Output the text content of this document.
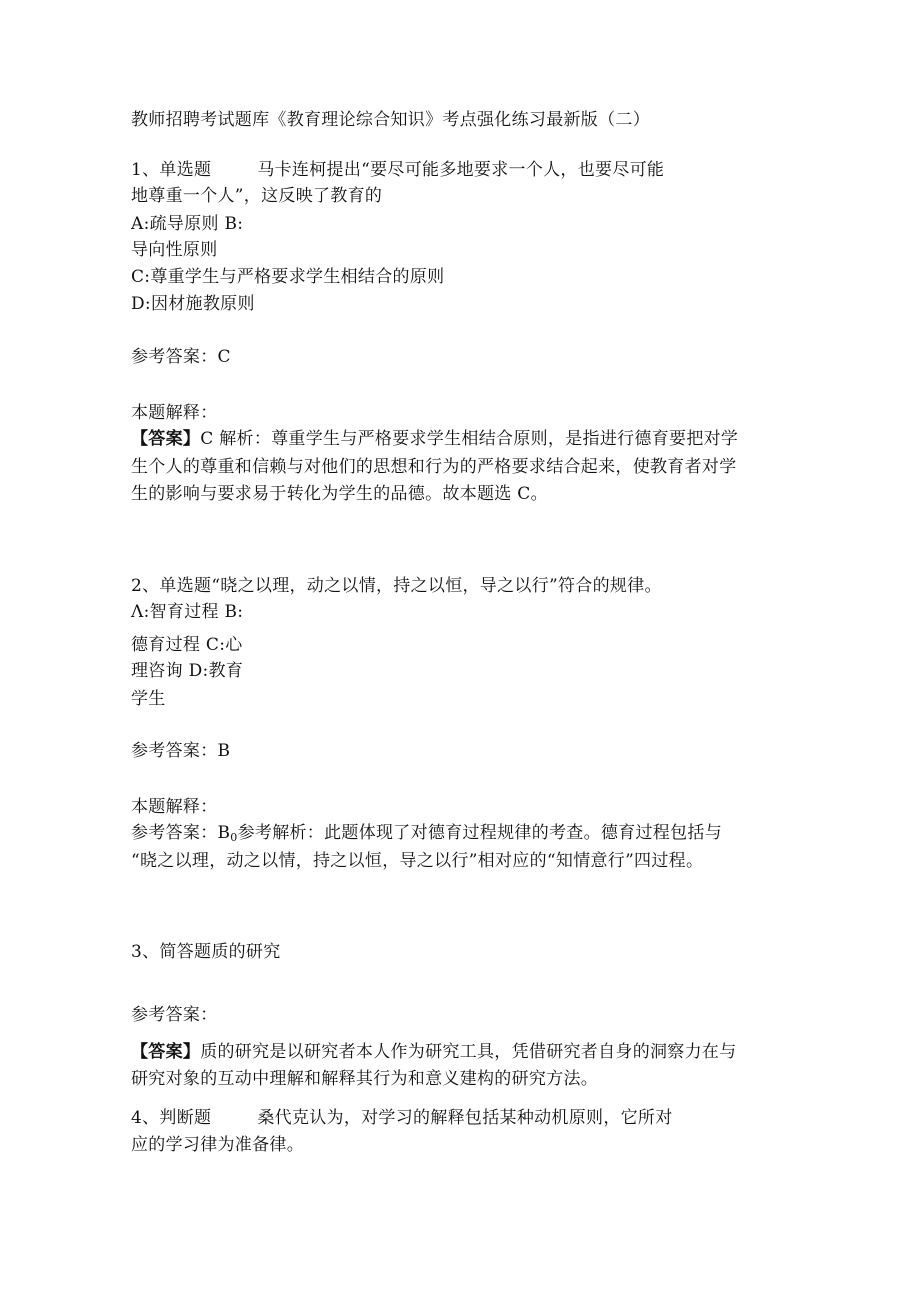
教师招聘考试题库《教育理论综合知识》考点强化练习最新版（二）
1、单选题	马卡连柯提出“要尽可能多地要求一个人，也要尽可能
地尊重一个人”，这反映了教育的
A:疏导原则 B:
导向性原则
C:尊重学生与严格要求学生相结合的原则
D:因材施教原则
参考答案：C
本题解释：
【答案】C 解析：尊重学生与严格要求学生相结合原则，是指进行德育要把对学
生个人的尊重和信赖与对他们的思想和行为的严格要求结合起来，使教育者对学
生的影响与要求易于转化为学生的品德。故本题选 C。
2、单选题“晓之以理，动之以情，持之以恒，导之以行”符合的规律。
Λ:智育过程 B:
德育过程 C:心
理咨询 D:教育
学生
参考答案：B
本题解释：
参考答案：$B_0$参考解析：此题体现了对德育过程规律的考查。德育过程包括与
“晓之以理，动之以情，持之以恒，导之以行”相对应的“知情意行”四过程。
3、简答题质的研究
参考答案：
【答案】质的研究是以研究者本人作为研究工具，凭借研究者自身的洞察力在与
研究对象的互动中理解和解释其行为和意义建构的研究方法。
4、判断题	桑代克认为，对学习的解释包括某种动机原则，它所对
应的学习律为准备律。
